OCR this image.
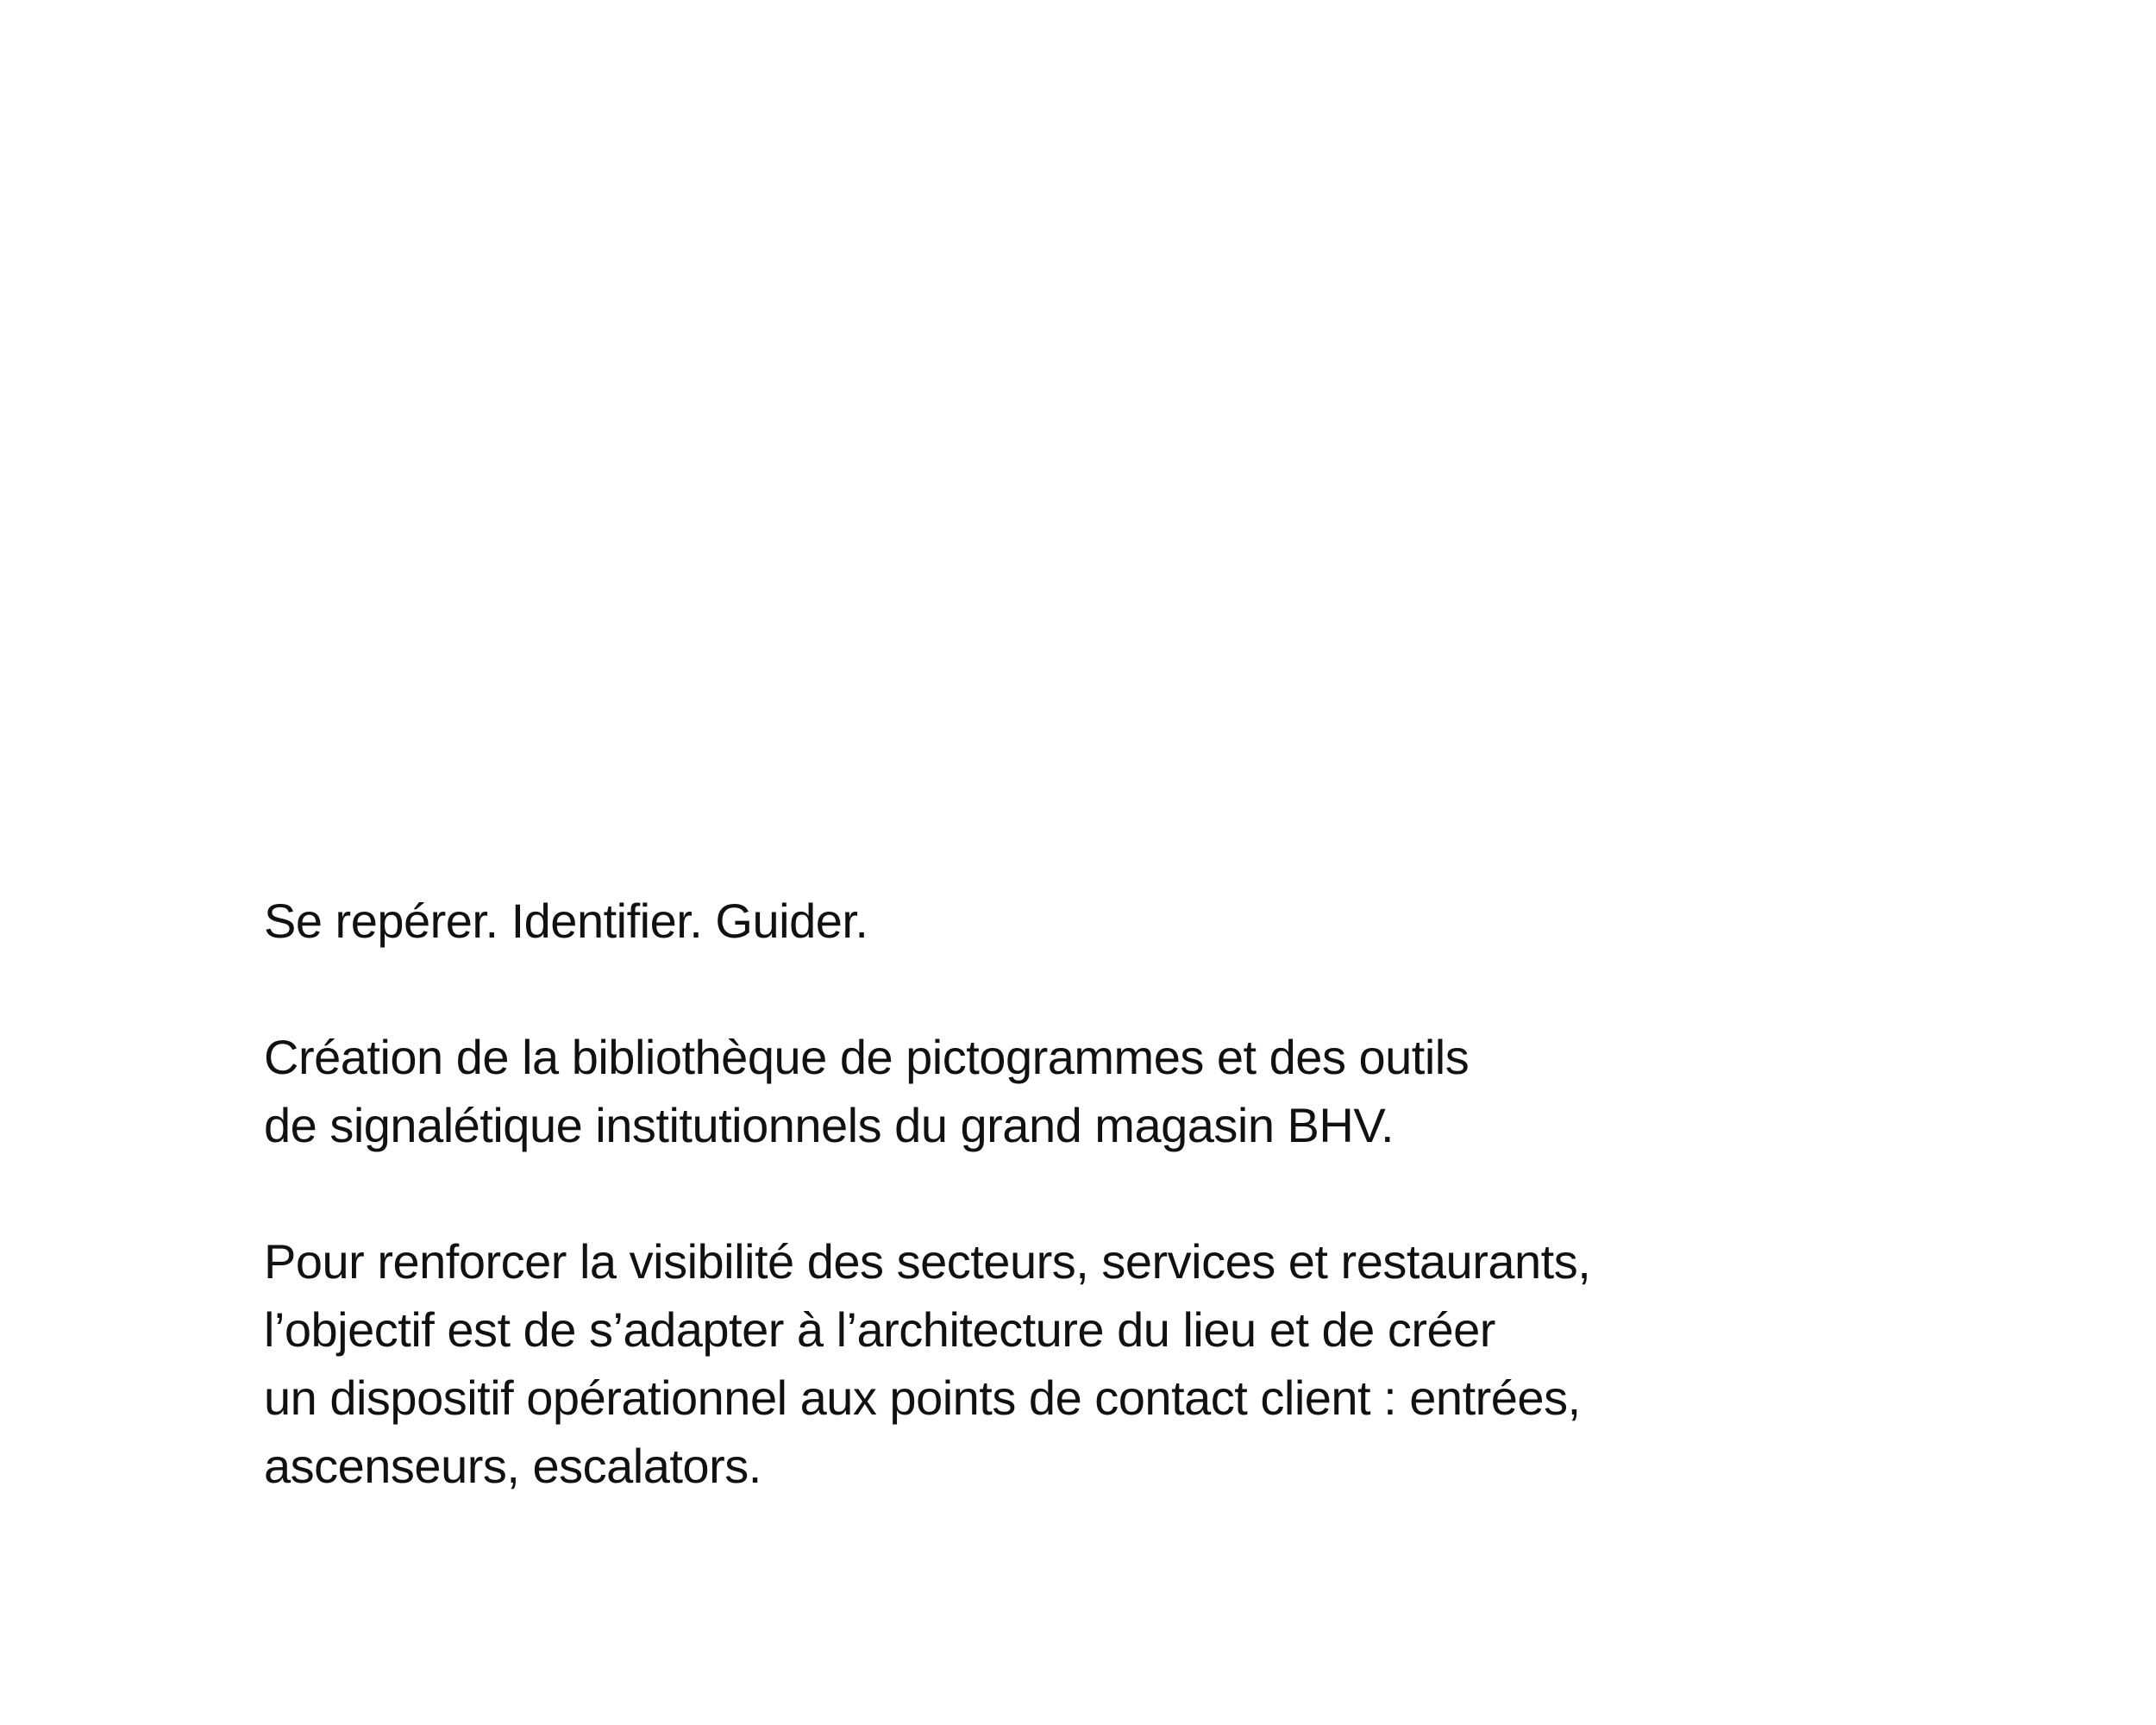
Se repérer. Identifier. Guider.

Création de la bibliothèque de pictogrammes et des outils
de signalétique institutionnels du grand magasin BHV.

Pour renforcer la visibilité des secteurs, services et restaurants,
l’objectif est de s’adapter à l’architecture du lieu et de créer
un dispositif opérationnel aux points de contact client : entrées,
ascenseurs, escalators.
